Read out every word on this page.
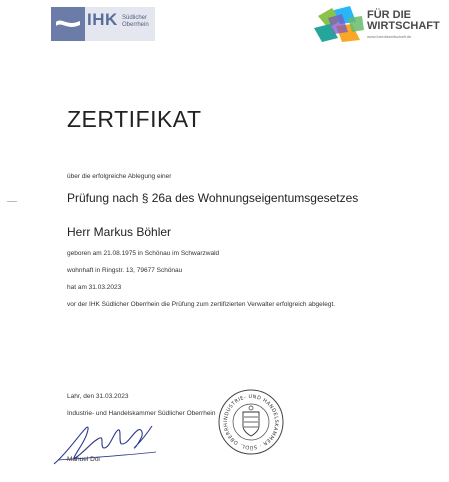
IHK Südlicher
Oberrhein
FÜR DIE
WIRTSCHAFT
www.fuerdiewirtschaft.de
ZERTIFIKAT
über die erfolgreiche Ablegung einer
Prüfung nach § 26a des Wohnungseigentumsgesetzes
Herr Markus Böhler
geboren am 21.08.1975 in Schönau im Schwarzwald
wohnhaft in Ringstr. 13, 79677 Schönau
hat am 31.03.2023
vor der IHK Südlicher Oberrhein die Prüfung zum zertifizierten Verwalter erfolgreich abgelegt.
Lahr, den 31.03.2023
Industrie- und Handelskammer Südlicher Oberrhein
Manuel Dol
INDUSTRIE- UND HANDELSKAMMER · SÜDL. OBERRH
